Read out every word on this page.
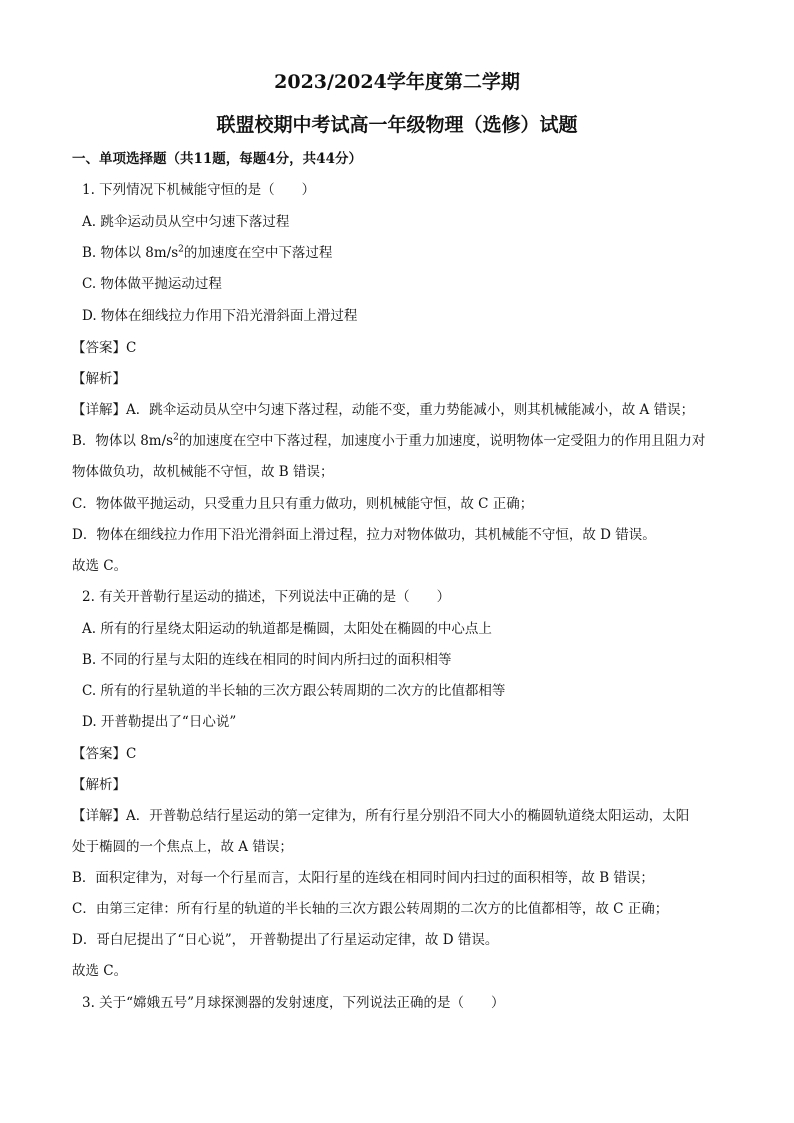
2023/2024学年度第二学期
联盟校期中考试高一年级物理（选修）试题
一、单项选择题（共11题，每题4分，共44分）
1. 下列情况下机械能守恒的是（　　）
A. 跳伞运动员从空中匀速下落过程
B. 物体以 $8m/s^2$的加速度在空中下落过程
C. 物体做平抛运动过程
D. 物体在细线拉力作用下沿光滑斜面上滑过程
【答案】C
【解析】
【详解】A．跳伞运动员从空中匀速下落过程，动能不变，重力势能减小，则其机械能减小，故 A 错误；
B．物体以 $8m/s^2$的加速度在空中下落过程，加速度小于重力加速度，说明物体一定受阻力的作用且阻力对
物体做负功，故机械能不守恒，故 B 错误；
C．物体做平抛运动，只受重力且只有重力做功，则机械能守恒，故 C 正确；
D．物体在细线拉力作用下沿光滑斜面上滑过程，拉力对物体做功，其机械能不守恒，故 D 错误。
故选 C。
2. 有关开普勒行星运动的描述，下列说法中正确的是（　　）
A. 所有的行星绕太阳运动的轨道都是椭圆，太阳处在椭圆的中心点上
B. 不同的行星与太阳的连线在相同的时间内所扫过的面积相等
C. 所有的行星轨道的半长轴的三次方跟公转周期的二次方的比值都相等
D. 开普勒提出了“日心说”
【答案】C
【解析】
【详解】A．开普勒总结行星运动的第一定律为，所有行星分别沿不同大小的椭圆轨道绕太阳运动，太阳
处于椭圆的一个焦点上，故 A 错误；
B．面积定律为，对每一个行星而言，太阳行星的连线在相同时间内扫过的面积相等，故 B 错误；
C．由第三定律：所有行星的轨道的半长轴的三次方跟公转周期的二次方的比值都相等，故 C 正确；
D．哥白尼提出了“日心说”， 开普勒提出了行星运动定律，故 D 错误。
故选 C。
3. 关于“嫦娥五号”月球探测器的发射速度，下列说法正确的是（　　）
